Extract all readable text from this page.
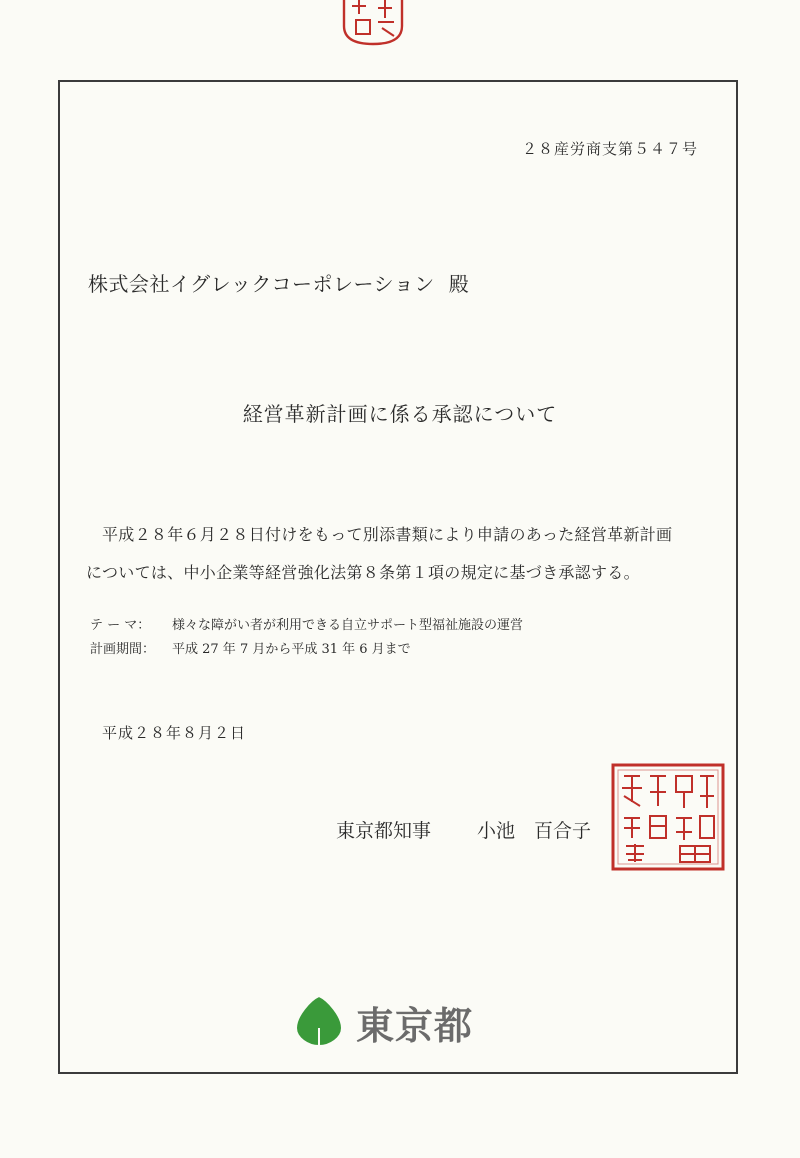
２８産労商支第５４７号
株式会社イグレックコーポレーション 殿
経営革新計画に係る承認について
平成２８年６月２８日付けをもって別添書類により申請のあった経営革新計画
については、中小企業等経営強化法第８条第１項の規定に基づき承認する。
テ ー マ： 様々な障がい者が利用できる自立サポート型福祉施設の運営
計画期間： 平成 27 年 7 月から平成 31 年 6 月まで
平成２８年８月２日
東京都知事 小池　百合子
東京都
